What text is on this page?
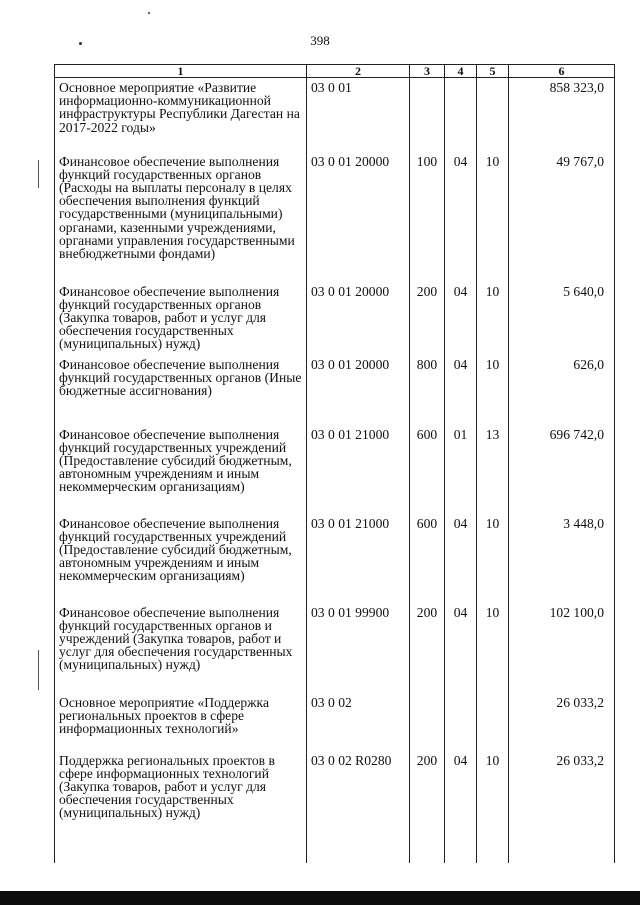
398
1	2	3	4	5	6
Основное мероприятие «Развитие информационно-коммуникационной инфраструктуры Республики Дагестан на 2017-2022 годы»	03 0 01				858 323,0
Финансовое обеспечение выполнения функций государственных органов (Расходы на выплаты персоналу в целях обеспечения выполнения функций государственными (муниципальными) органами, казенными учреждениями, органами управления государственными внебюджетными фондами)	03 0 01 20000	100	04	10	49 767,0
Финансовое обеспечение выполнения функций государственных органов (Закупка товаров, работ и услуг для обеспечения государственных (муниципальных) нужд)	03 0 01 20000	200	04	10	5 640,0
Финансовое обеспечение выполнения функций государственных органов (Иные бюджетные ассигнования)	03 0 01 20000	800	04	10	626,0
Финансовое обеспечение выполнения функций государственных учреждений (Предоставление субсидий бюджетным, автономным учреждениям и иным некоммерческим организациям)	03 0 01 21000	600	01	13	696 742,0
Финансовое обеспечение выполнения функций государственных учреждений (Предоставление субсидий бюджетным, автономным учреждениям и иным некоммерческим организациям)	03 0 01 21000	600	04	10	3 448,0
Финансовое обеспечение выполнения функций государственных органов и учреждений (Закупка товаров, работ и услуг для обеспечения государственных (муниципальных) нужд)	03 0 01 99900	200	04	10	102 100,0
Основное мероприятие «Поддержка региональных проектов в сфере информационных технологий»	03 0 02				26 033,2
Поддержка региональных проектов в сфере информационных технологий (Закупка товаров, работ и услуг для обеспечения государственных (муниципальных) нужд)	03 0 02 R0280	200	04	10	26 033,2
